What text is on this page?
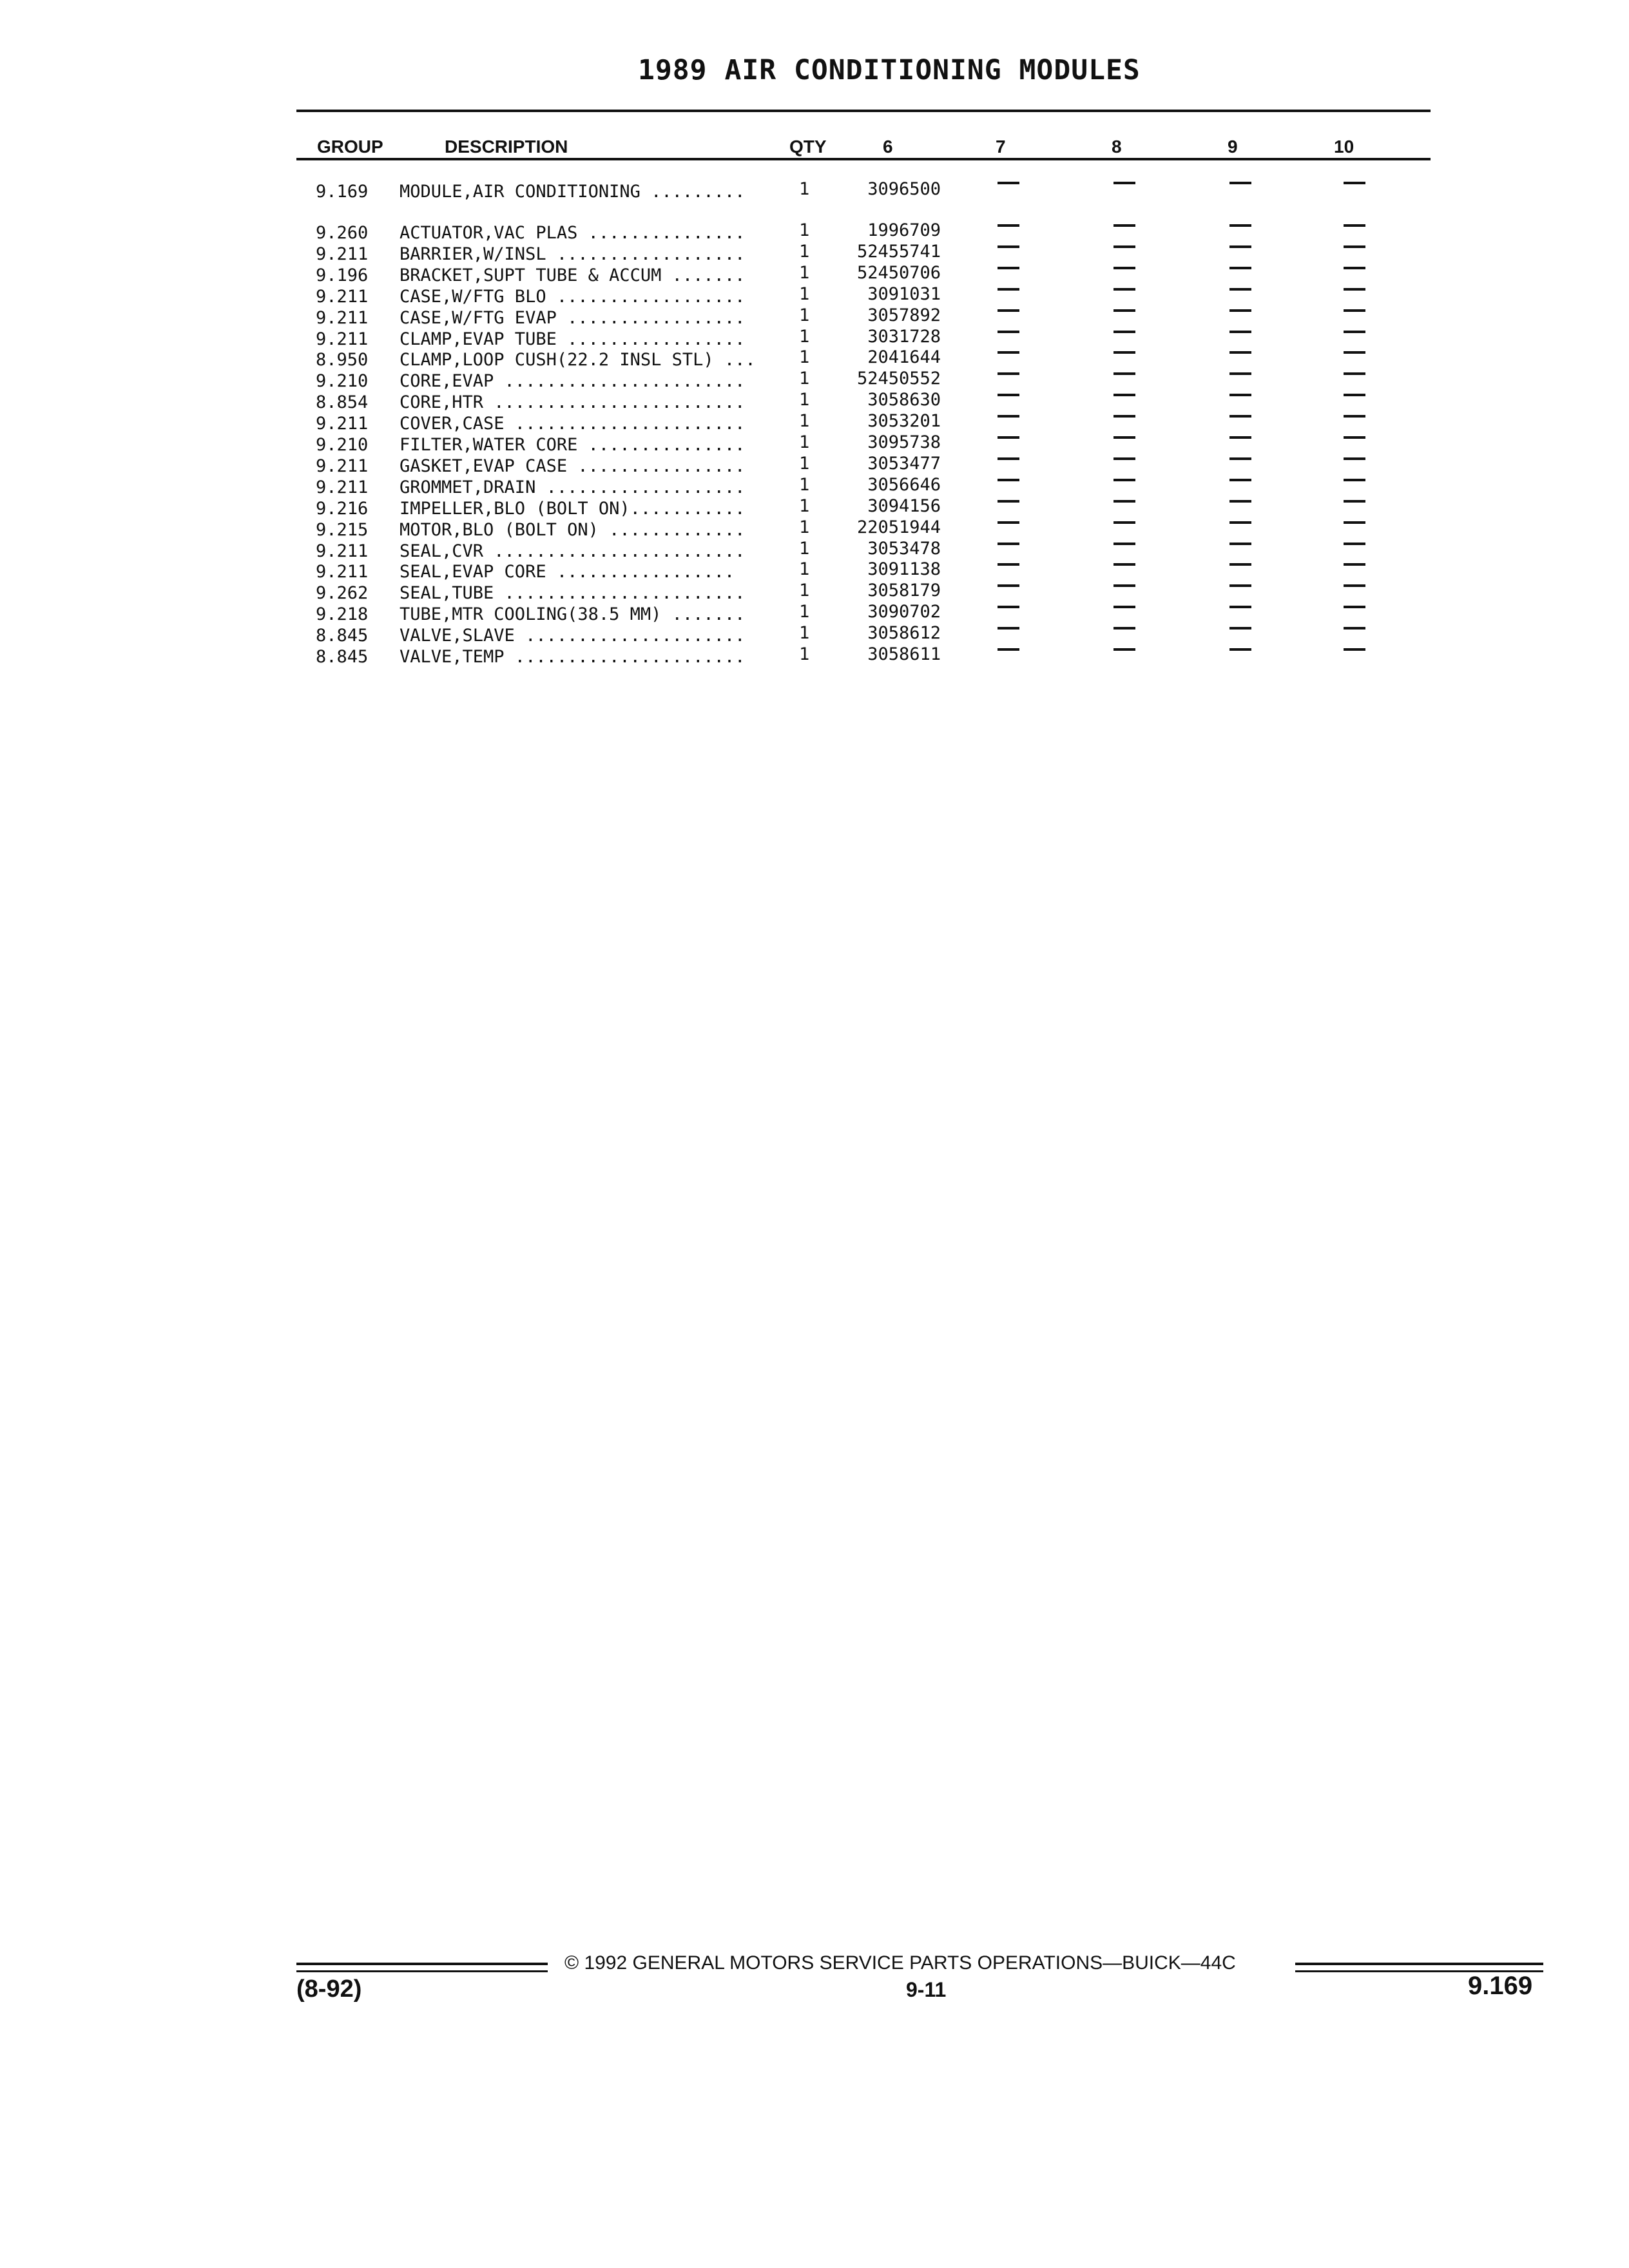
1989 AIR CONDITIONING MODULES
GROUP	DESCRIPTION	QTY	6	7	8	9	10
9.169	MODULE,AIR CONDITIONING .........	1	3096500
9.260	ACTUATOR,VAC PLAS ...............	1	1996709
9.211	BARRIER,W/INSL ..................	1	52455741
9.196	BRACKET,SUPT TUBE & ACCUM .......	1	52450706
9.211	CASE,W/FTG BLO ..................	1	3091031
9.211	CASE,W/FTG EVAP .................	1	3057892
9.211	CLAMP,EVAP TUBE .................	1	3031728
8.950	CLAMP,LOOP CUSH(22.2 INSL STL) ...	1	2041644
9.210	CORE,EVAP .......................	1	52450552
8.854	CORE,HTR ........................	1	3058630
9.211	COVER,CASE ......................	1	3053201
9.210	FILTER,WATER CORE ...............	1	3095738
9.211	GASKET,EVAP CASE ................	1	3053477
9.211	GROMMET,DRAIN ...................	1	3056646
9.216	IMPELLER,BLO (BOLT ON)...........	1	3094156
9.215	MOTOR,BLO (BOLT ON) .............	1	22051944
9.211	SEAL,CVR ........................	1	3053478
9.211	SEAL,EVAP CORE .................	1	3091138
9.262	SEAL,TUBE .......................	1	3058179
9.218	TUBE,MTR COOLING(38.5 MM) .......	1	3090702
8.845	VALVE,SLAVE .....................	1	3058612
8.845	VALVE,TEMP ......................	1	3058611
© 1992 GENERAL MOTORS SERVICE PARTS OPERATIONS—BUICK—44C
(8-92)	9-11	9.169
